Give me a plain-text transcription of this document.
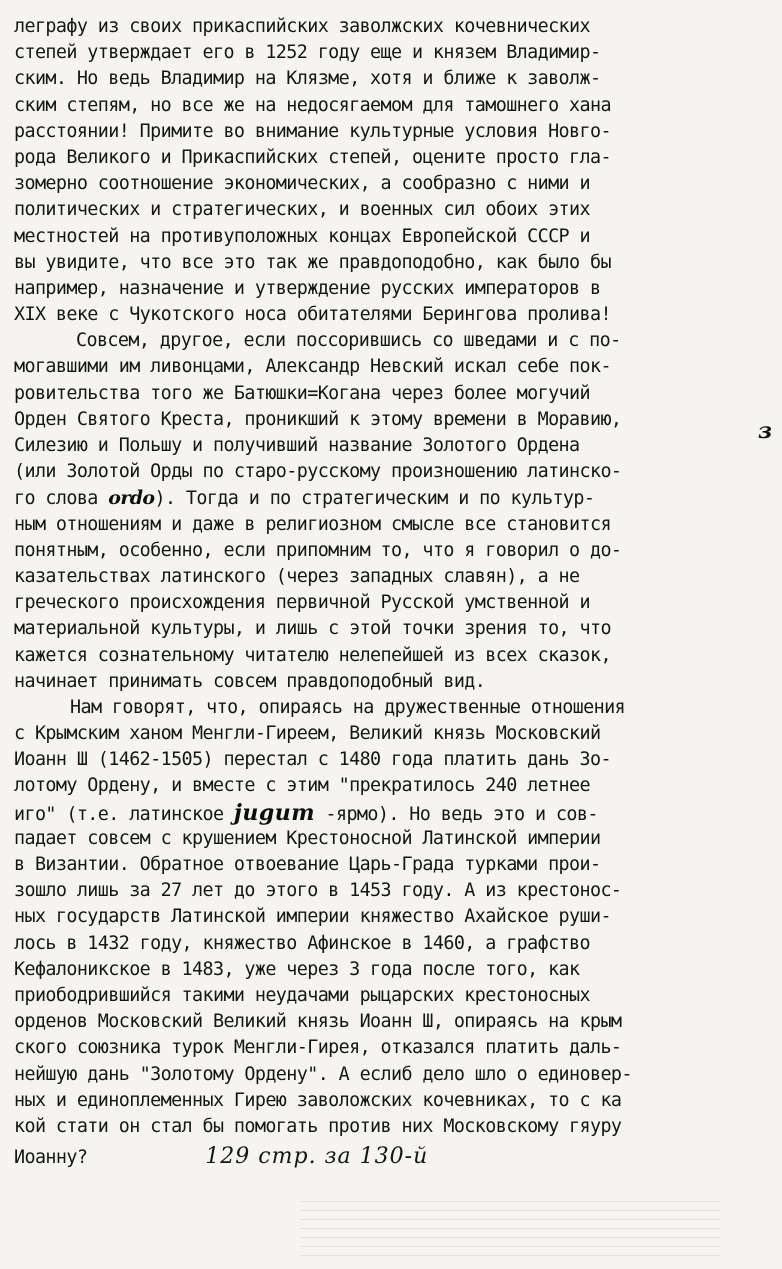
леграфу из своих прикаспийских заволжских кочевнических
степей утверждает его в 1252 году еще и князем Владимир-
ским. Но ведь Владимир на Клязме, хотя и ближе к заволж-
ским степям, но все же на недосягаемом для тамошнего хана
расстоянии! Примите во внимание культурные условия Новго-
рода Великого и Прикаспийских степей, оцените просто гла-
зомерно соотношение экономических, а сообразно с ними и
политических и стратегических, и военных сил обоих этих
местностей на противуположных концах Европейской СССР и
вы увидите, что все это так же правдоподобно, как было бы
например, назначение и утверждение русских императоров в
XIX веке с Чукотского носа обитателями Берингова пролива!
Совсем, другое, если поссорившись со шведами и с по-
могавшими им ливонцами, Александр Невский искал себе пок-
ровительства того же Батюшки=Когана через более могучий
Орден Святого Креста, проникший к этому времени в Моравию,
Силезию и Польшу и получивший название Золотого Ордена
(или Золотой Орды по старо-русскому произношению латинско-
го слова ordo). Тогда и по стратегическим и по культур-
ным отношениям и даже в религиозном смысле все становится
понятным, особенно, если припомним то, что я говорил о до-
казательствах латинского (через западных славян), а не
греческого происхождения первичной Русской умственной и
материальной культуры, и лишь с этой точки зрения то, что
кажется сознательному читателю нелепейшей из всех сказок,
начинает принимать совсем правдоподобный вид.
Нам говорят, что, опираясь на дружественные отношения
с Крымским ханом Менгли-Гиреем, Великий князь Московский
Иоанн Ш (1462-1505) перестал с 1480 года платить дань Зо-
лотому Ордену, и вместе с этим "прекратилось 240 летнее
иго" (т.е. латинское jugum -ярмо). Но ведь это и сов-
падает совсем с крушением Крестоносной Латинской империи
в Византии. Обратное отвоевание Царь-Града турками прои-
зошло лишь за 27 лет до этого в 1453 году. А из крестонос-
ных государств Латинской империи княжество Ахайское руши-
лось в 1432 году, княжество Афинское в 1460, а графство
Кефалоникское в 1483, уже через 3 года после того, как
приободрившийся такими неудачами рыцарских крестоносных
орденов Московский Великий князь Иоанн Ш, опираясь на крым
ского союзника турок Менгли-Гирея, отказался платить даль-
нейшую дань "Золотому Ордену". А еслиб дело шло о единовер-
ных и единоплеменных Гирею заволожских кочевниках, то с ка
кой стати он стал бы помогать против них Московскому гяуру
Иоанну?	129 стр. за 130-й
з
